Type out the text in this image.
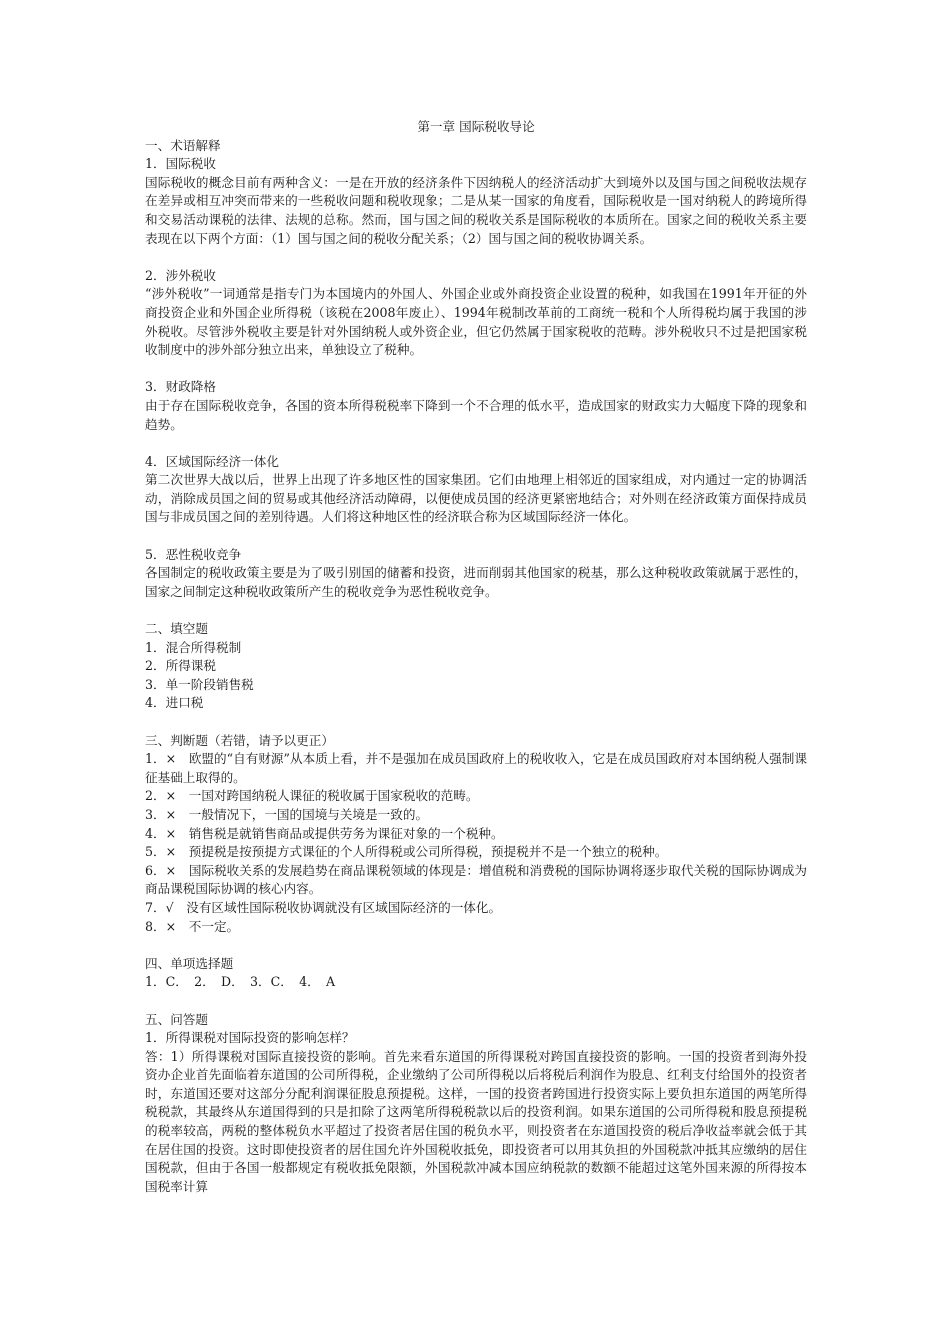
第一章 国际税收导论

一、术语解释

1．国际税收

国际税收的概念目前有两种含义：一是在开放的经济条件下因纳税人的经济活动扩大到境外以及国与国之间税收法规存在差异或相互冲突而带来的一些税收问题和税收现象；二是从某一国家的角度看，国际税收是一国对纳税人的跨境所得和交易活动课税的法律、法规的总称。然而，国与国之间的税收关系是国际税收的本质所在。国家之间的税收关系主要表现在以下两个方面：（1）国与国之间的税收分配关系；（2）国与国之间的税收协调关系。

2．涉外税收

“涉外税收”一词通常是指专门为本国境内的外国人、外国企业或外商投资企业设置的税种，如我国在1991年开征的外商投资企业和外国企业所得税（该税在2008年废止）、1994年税制改革前的工商统一税和个人所得税均属于我国的涉外税收。尽管涉外税收主要是针对外国纳税人或外资企业，但它仍然属于国家税收的范畴。涉外税收只不过是把国家税收制度中的涉外部分独立出来，单独设立了税种。

3．财政降格

由于存在国际税收竞争，各国的资本所得税税率下降到一个不合理的低水平，造成国家的财政实力大幅度下降的现象和趋势。

4．区域国际经济一体化

第二次世界大战以后，世界上出现了许多地区性的国家集团。它们由地理上相邻近的国家组成，对内通过一定的协调活动，消除成员国之间的贸易或其他经济活动障碍，以便使成员国的经济更紧密地结合；对外则在经济政策方面保持成员国与非成员国之间的差别待遇。人们将这种地区性的经济联合称为区域国际经济一体化。

5．恶性税收竞争

各国制定的税收政策主要是为了吸引别国的储蓄和投资，进而削弱其他国家的税基，那么这种税收政策就属于恶性的，国家之间制定这种税收政策所产生的税收竞争为恶性税收竞争。

二、填空题

1．混合所得税制

2．所得课税

3．单一阶段销售税

4．进口税

三、判断题（若错，请予以更正）

1．×　欧盟的“自有财源”从本质上看，并不是强加在成员国政府上的税收收入，它是在成员国政府对本国纳税人强制课征基础上取得的。

2．×　一国对跨国纳税人课征的税收属于国家税收的范畴。

3．×　一般情况下，一国的国境与关境是一致的。

4．×　销售税是就销售商品或提供劳务为课征对象的一个税种。

5．×　预提税是按预提方式课征的个人所得税或公司所得税，预提税并不是一个独立的税种。

6．×　国际税收关系的发展趋势在商品课税领域的体现是：增值税和消费税的国际协调将逐步取代关税的国际协调成为商品课税国际协调的核心内容。

7．√　没有区域性国际税收协调就没有区域国际经济的一体化。

8．×　不一定。

四、单项选择题

1．C．　2．　D．　3．C．　4．　A

五、问答题

1．所得课税对国际投资的影响怎样？

答：1）所得课税对国际直接投资的影响。首先来看东道国的所得课税对跨国直接投资的影响。一国的投资者到海外投资办企业首先面临着东道国的公司所得税，企业缴纳了公司所得税以后将税后利润作为股息、红利支付给国外的投资者时，东道国还要对这部分分配利润课征股息预提税。这样，一国的投资者跨国进行投资实际上要负担东道国的两笔所得税税款，其最终从东道国得到的只是扣除了这两笔所得税税款以后的投资利润。如果东道国的公司所得税和股息预提税的税率较高，两税的整体税负水平超过了投资者居住国的税负水平，则投资者在东道国投资的税后净收益率就会低于其在居住国的投资。这时即使投资者的居住国允许外国税收抵免，即投资者可以用其负担的外国税款冲抵其应缴纳的居住国税款，但由于各国一般都规定有税收抵免限额，外国税款冲减本国应纳税款的数额不能超过这笔外国来源的所得按本国税率计算
